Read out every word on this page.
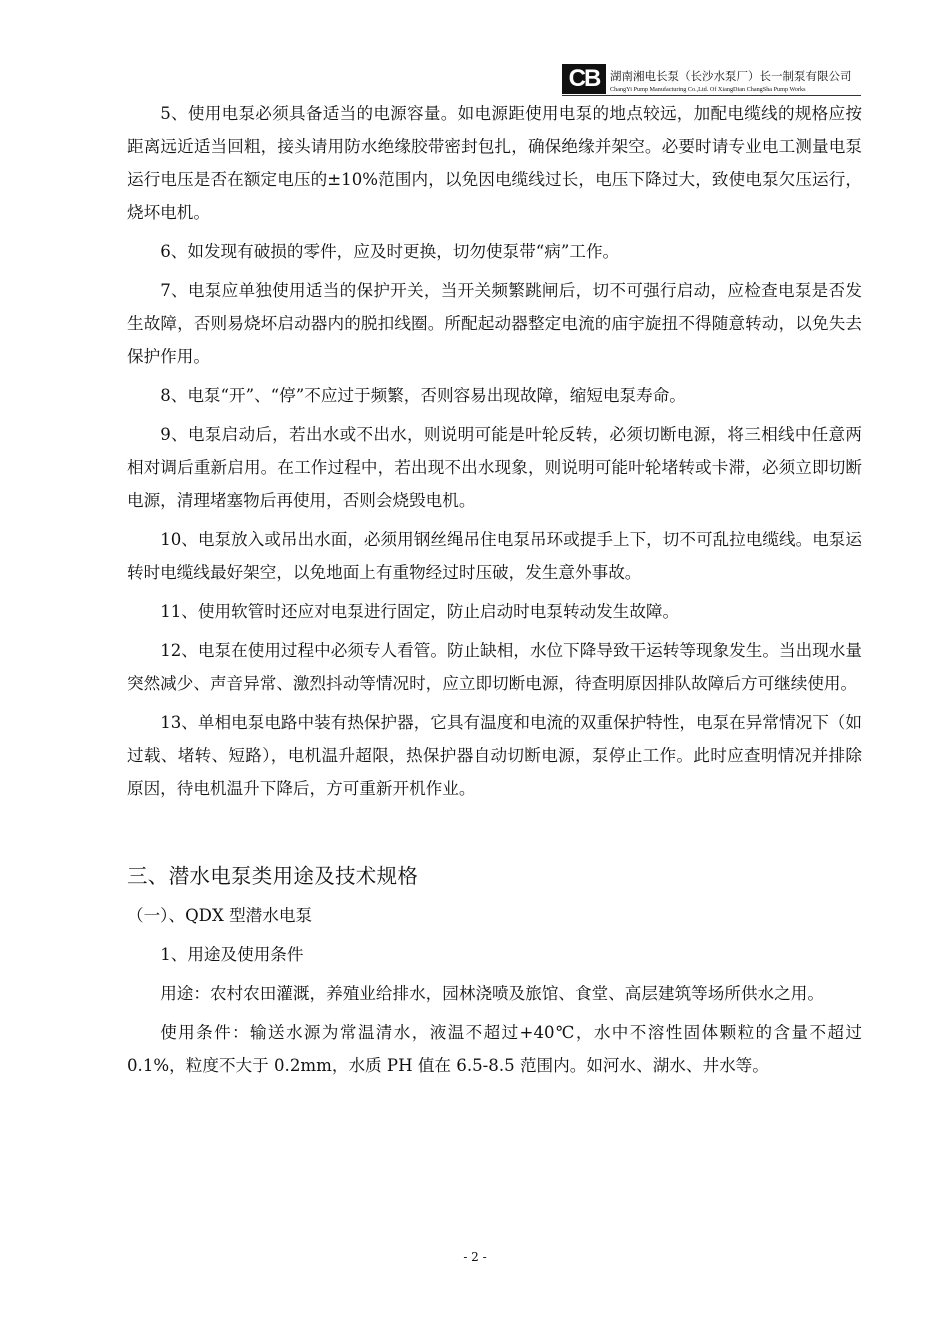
CB 湖南湘电长泵（长沙水泵厂）长一制泵有限公司
ChangYi Pump Manufacturing Co.,Ltd. Of XiangDian ChangSha Pump Works

5、使用电泵必须具备适当的电源容量。如电源距使用电泵的地点较远，加配电缆线的规格应按距离远近适当回粗，接头请用防水绝缘胶带密封包扎，确保绝缘并架空。必要时请专业电工测量电泵运行电压是否在额定电压的±10%范围内，以免因电缆线过长，电压下降过大，致使电泵欠压运行，烧坏电机。

6、如发现有破损的零件，应及时更换，切勿使泵带“病”工作。

7、电泵应单独使用适当的保护开关，当开关频繁跳闸后，切不可强行启动，应检查电泵是否发生故障，否则易烧坏启动器内的脱扣线圈。所配起动器整定电流的庙宇旋扭不得随意转动，以免失去保护作用。

8、电泵“开”、“停”不应过于频繁，否则容易出现故障，缩短电泵寿命。

9、电泵启动后，若出水或不出水，则说明可能是叶轮反转，必须切断电源，将三相线中任意两相对调后重新启用。在工作过程中，若出现不出水现象，则说明可能叶轮堵转或卡滞，必须立即切断电源，清理堵塞物后再使用，否则会烧毁电机。

10、电泵放入或吊出水面，必须用钢丝绳吊住电泵吊环或提手上下，切不可乱拉电缆线。电泵运转时电缆线最好架空，以免地面上有重物经过时压破，发生意外事故。

11、使用软管时还应对电泵进行固定，防止启动时电泵转动发生故障。

12、电泵在使用过程中必须专人看管。防止缺相，水位下降导致干运转等现象发生。当出现水量突然减少、声音异常、激烈抖动等情况时，应立即切断电源，待查明原因排队故障后方可继续使用。

13、单相电泵电路中装有热保护器，它具有温度和电流的双重保护特性，电泵在异常情况下（如过载、堵转、短路），电机温升超限，热保护器自动切断电源，泵停止工作。此时应查明情况并排除原因，待电机温升下降后，方可重新开机作业。

三、潜水电泵类用途及技术规格
（一）、QDX 型潜水电泵

1、用途及使用条件

用途：农村农田灌溉，养殖业给排水，园林浇喷及旅馆、食堂、高层建筑等场所供水之用。

使用条件：输送水源为常温清水，液温不超过+40℃，水中不溶性固体颗粒的含量不超过 0.1%，粒度不大于 0.2mm，水质 PH 值在 6.5-8.5 范围内。如河水、湖水、井水等。

- 2 -
